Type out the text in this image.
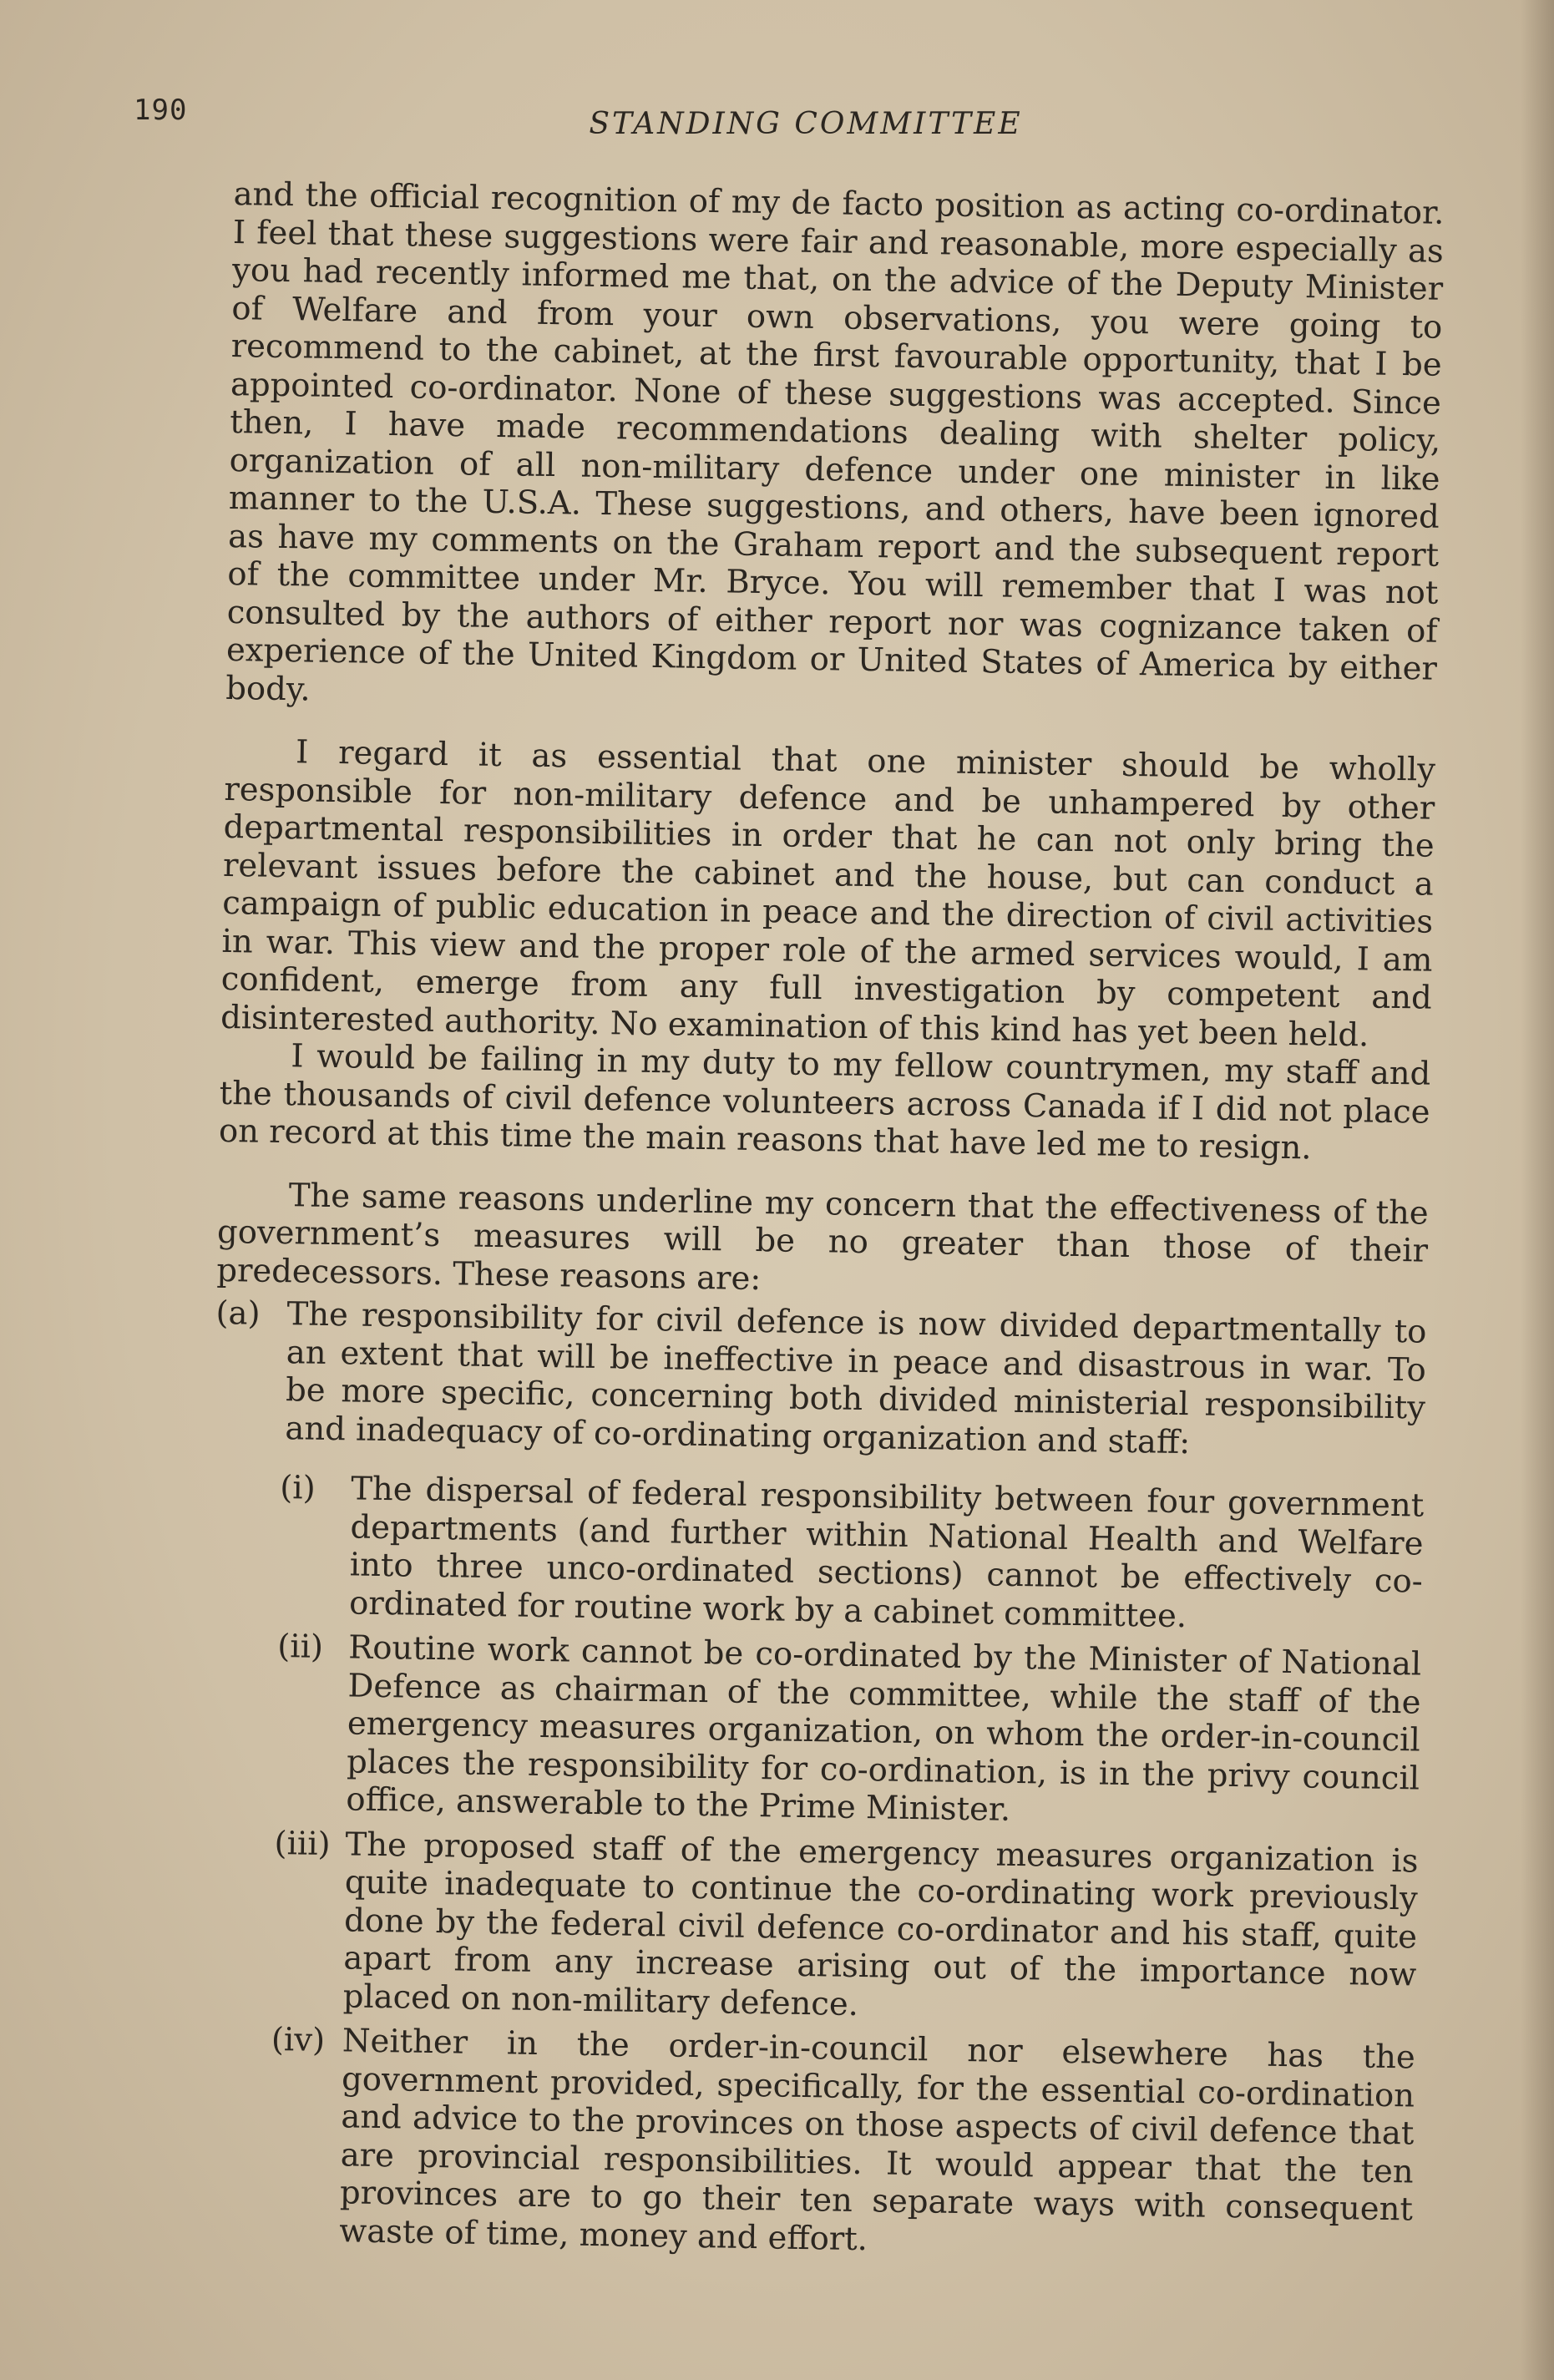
190	STANDING COMMITTEE

and the official recognition of my de facto position as acting co-ordinator. I feel that these suggestions were fair and reasonable, more especially as you had recently informed me that, on the advice of the Deputy Minister of Welfare and from your own observations, you were going to recommend to the cabinet, at the first favourable opportunity, that I be appointed co-ordinator. None of these suggestions was accepted. Since then, I have made recommendations dealing with shelter policy, organization of all non-military defence under one minister in like manner to the U.S.A. These suggestions, and others, have been ignored as have my comments on the Graham report and the subsequent report of the committee under Mr. Bryce. You will remember that I was not consulted by the authors of either report nor was cognizance taken of experience of the United Kingdom or United States of America by either body.

I regard it as essential that one minister should be wholly responsible for non-military defence and be unhampered by other departmental responsibilities in order that he can not only bring the relevant issues before the cabinet and the house, but can conduct a campaign of public education in peace and the direction of civil activities in war. This view and the proper role of the armed services would, I am confident, emerge from any full investigation by competent and disinterested authority. No examination of this kind has yet been held.

I would be failing in my duty to my fellow countrymen, my staff and the thousands of civil defence volunteers across Canada if I did not place on record at this time the main reasons that have led me to resign.

The same reasons underline my concern that the effectiveness of the government’s measures will be no greater than those of their predecessors. These reasons are:

(a) The responsibility for civil defence is now divided departmentally to an extent that will be ineffective in peace and disastrous in war. To be more specific, concerning both divided ministerial responsibility and inadequacy of co-ordinating organization and staff:
(i) The dispersal of federal responsibility between four government departments (and further within National Health and Welfare into three unco-ordinated sections) cannot be effectively co-ordinated for routine work by a cabinet committee.
(ii) Routine work cannot be co-ordinated by the Minister of National Defence as chairman of the committee, while the staff of the emergency measures organization, on whom the order-in-council places the responsibility for co-ordination, is in the privy council office, answerable to the Prime Minister.
(iii) The proposed staff of the emergency measures organization is quite inadequate to continue the co-ordinating work previously done by the federal civil defence co-ordinator and his staff, quite apart from any increase arising out of the importance now placed on non-military defence.
(iv) Neither in the order-in-council nor elsewhere has the government provided, specifically, for the essential co-ordination and advice to the provinces on those aspects of civil defence that are provincial responsibilities. It would appear that the ten provinces are to go their ten separate ways with consequent waste of time, money and effort.
